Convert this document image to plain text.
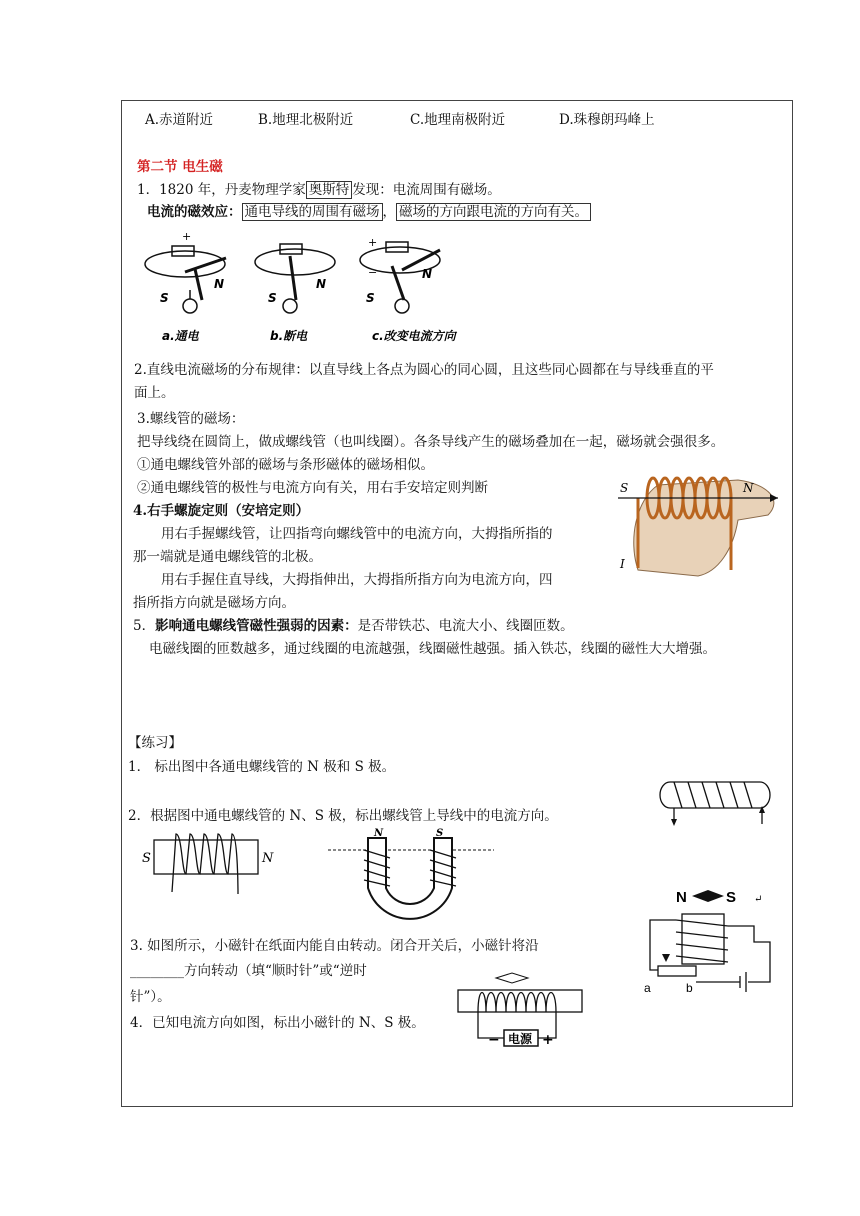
A.赤道附近	B.地理北极附近	C.地理南极附近	D.珠穆朗玛峰上
第二节 电生磁
1．1820 年，丹麦物理学家 奥斯特 发现：电流周围有磁场。
电流的磁效应： 通电导线的周围有磁场 ， 磁场的方向跟电流的方向有关。
+
S
N
a.通电
S
N
b.断电
+
−
S
N
c.改变电流方向
2.直线电流磁场的分布规律：以直导线上各点为圆心的同心圆，且这些同心圆都在与导线垂直的平
面上。
3.螺线管的磁场：
把导线绕在圆筒上，做成螺线管（也叫线圈）。各条导线产生的磁场叠加在一起，磁场就会强很多。
①通电螺线管外部的磁场与条形磁体的磁场相似。
②通电螺线管的极性与电流方向有关，用右手安培定则判断	S	N
I
4.右手螺旋定则（安培定则）
用右手握螺线管，让四指弯向螺线管中的电流方向，大拇指所指的
那一端就是通电螺线管的北极。
用右手握住直导线，大拇指伸出，大拇指所指方向为电流方向，四
指所指方向就是磁场方向。
5．影响通电螺线管磁性强弱的因素：是否带铁芯、电流大小、线圈匝数。
电磁线圈的匝数越多，通过线圈的电流越强，线圈磁性越强。插入铁芯，线圈的磁性大大增强。
【练习】
1． 标出图中各通电螺线管的 N 极和 S 极。
2．根据图中通电螺线管的 N、S 极，标出螺线管上导线中的电流方向。
S	N
N	S
N	S ↵
a	b
3. 如图所示，小磁针在纸面内能自由转动。闭合开关后，小磁针将沿
________方向转动（填“顺时针”或“逆时
针”）。
电源
−	+
4．已知电流方向如图，标出小磁针的 N、S 极。
